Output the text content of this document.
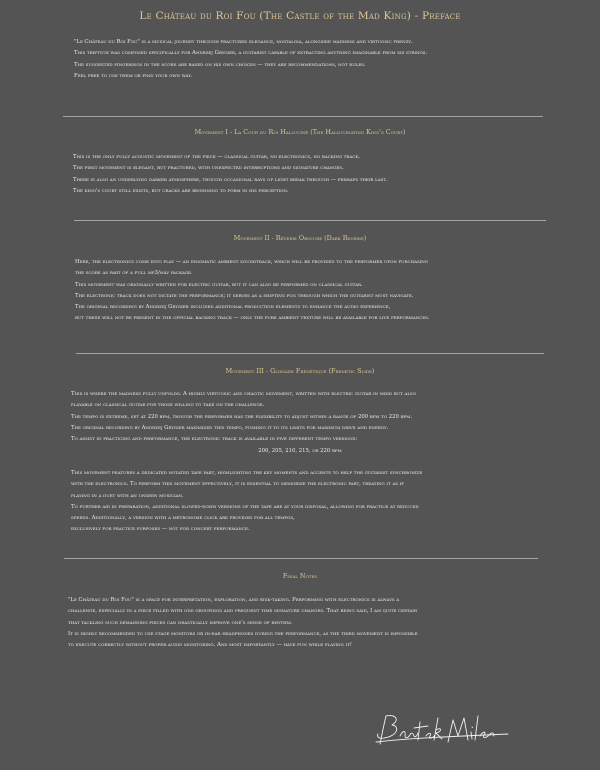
Le Château du Roi Fou (The Castle of the Mad King) - Preface
"Le Château du Roi Fou" is a musical journey through fractured elegance, nostalgia, alongside madness and virtuosic frenzy.
This triptych was composed specifically for Andrzej Grygier, a guitarist capable of extracting anything imaginable from six strings.
The suggested fingerings in the score are based on his own choices — they are recommendations, not rules.
Feel free to use them or find your own way.
Movement I - La Cour du Roi Halluciné (The Hallucinating King's Court)
This is the only fully acoustic movement of the piece — classical guitar, no electronics, no backing track.
The first movement is elegant, but fractured, with unexpected interruptions and signature changes.
There is also an underlying darker atmosphere, though occasional rays of light break through — perhaps their last.
The king's court still exists, but cracks are beginning to form in his perception.
Movement II - Rêverie Obscure (Dark Reverie)
Here, the electronics come into play — an enigmatic ambient soundtrack, which will be provided to the performer upon purchasing
the score as part of a full mp3/wav package.
This movement was originally written for electric guitar, but it can also be performed on classical guitar.
The electronic track does not dictate the performance; it serves as a shifting fog through which the guitarist must navigate.
The original recording by Andrzej Grygier included additional production elements to enhance the audio experience,
but these will not be present in the official backing track — only the pure ambient texture will be available for live performances.
Movement III - Glissade Frénétique (Frenetic Slide)
This is where the madness fully unfolds. A highly virtuosic and chaotic movement, written with electric guitar in mind but also
playable on classical guitar for those willing to take on the challenge.
The tempo is extreme, set at 220 bpm, though the performer has the flexibility to adjust within a range of 200 bpm to 220 bpm.
The original recording by Andrzej Grygier maximized this tempo, pushing it to its limits for maximum drive and energy.
To assist in practicing and performance, the electronic track is available in five different tempo versions:
200, 205, 210, 215, or 220 bpm
This movement features a dedicated notated tape part, highlighting the key moments and accents to help the guitarist synchronize
with the electronics. To perform this movement effectively, it is essential to memorize the electronic part, treating it as if
playing in a duet with an unseen musician.
To further aid in preparation, additional slowed-down versions of the tape are at your disposal, allowing for practice at reduced
speeds. Additionally, a version with a metronome click are provided for all tempos,
exclusively for practice purposes — not for concert performance.
Final Notes
"Le Château du Roi Fou" is a space for interpretation, exploration, and risk-taking. Performing with electronics is always a
challenge, especially in a piece filled with odd groupings and frequent time signature changes. That being said, I am quite certain
that tackling such demanding pieces can drastically improve one's sense of rhythm.
It is highly recommended to use stage monitors or in-ear headphones during the performance, as the third movement is impossible
to execute correctly without proper audio monitoring. And most importantly — have fun while playing it!
